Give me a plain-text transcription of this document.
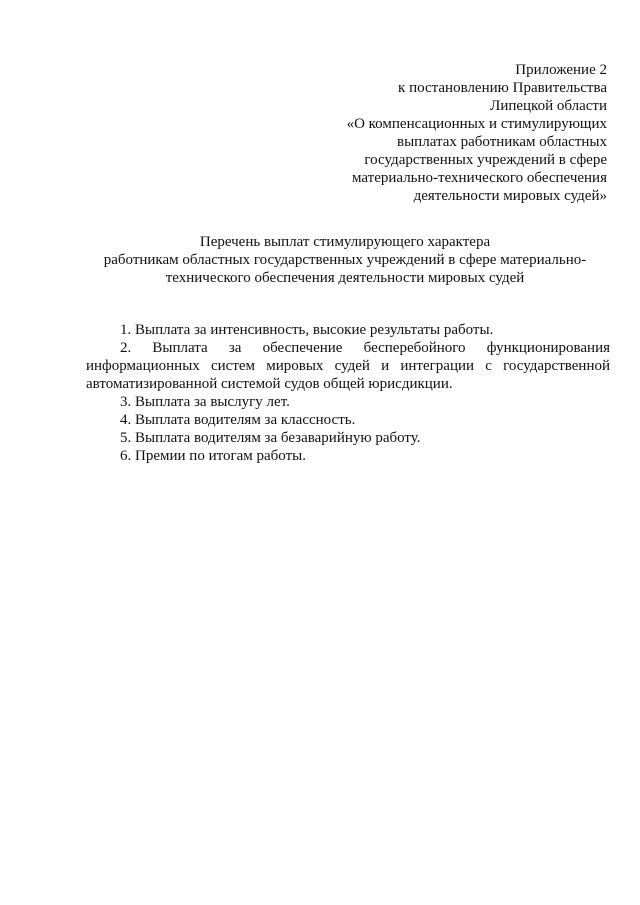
Приложение 2
к постановлению Правительства
Липецкой области
«О компенсационных и стимулирующих
выплатах работникам областных
государственных учреждений в сфере
материально-технического обеспечения
деятельности мировых судей»
Перечень выплат стимулирующего характера
работникам областных государственных учреждений в сфере материально-
технического обеспечения деятельности мировых судей
1. Выплата за интенсивность, высокие результаты работы.
2. Выплата за обеспечение бесперебойного функционирования
информационных систем мировых судей и интеграции с государственной
автоматизированной системой судов общей юрисдикции.
3. Выплата за выслугу лет.
4. Выплата водителям за классность.
5. Выплата водителям за безаварийную работу.
6. Премии по итогам работы.
